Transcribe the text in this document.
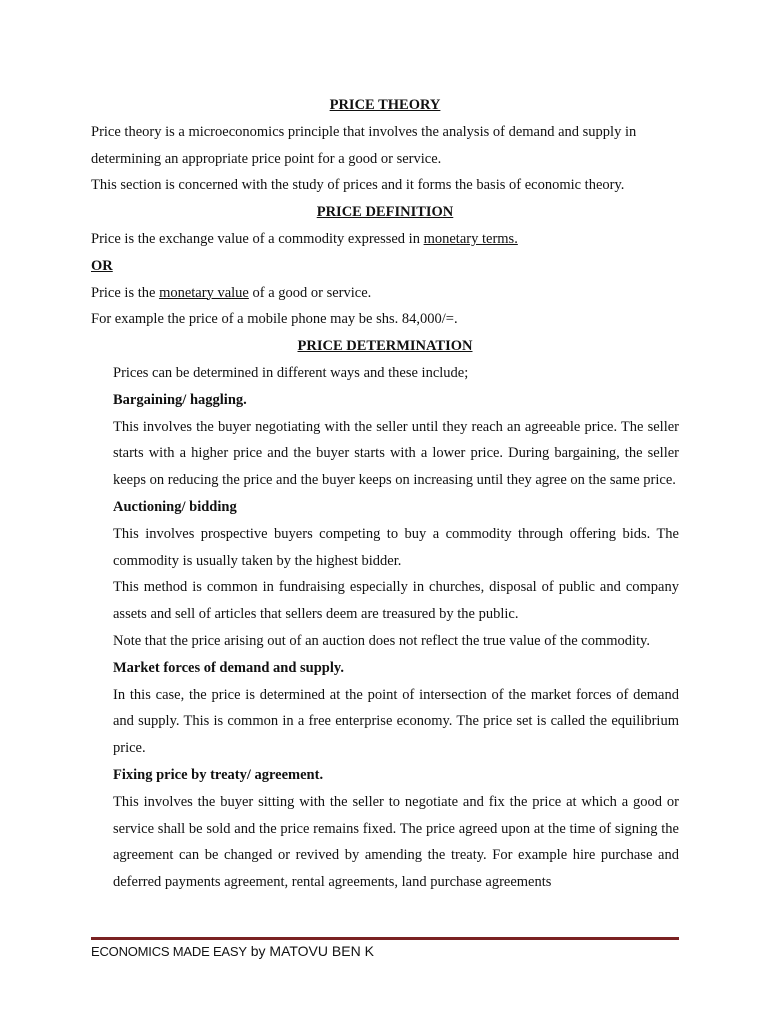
PRICE THEORY
Price theory is a microeconomics principle that involves the analysis of demand and supply in
determining an appropriate price point for a good or service.
This section is concerned with the study of prices and it forms the basis of economic theory.
PRICE DEFINITION
Price is the exchange value of a commodity expressed in monetary terms.
OR
Price is the monetary value of a good or service.
For example the price of a mobile phone may be shs. 84,000/=.
PRICE DETERMINATION
Prices can be determined in different ways and these include;
Bargaining/ haggling.
This involves the buyer negotiating with the seller until they reach an agreeable price. The seller starts with a higher price and the buyer starts with a lower price. During bargaining, the seller keeps on reducing the price and the buyer keeps on increasing until they agree on the same price.
Auctioning/ bidding
This involves prospective buyers competing to buy a commodity through offering bids. The commodity is usually taken by the highest bidder.
This method is common in fundraising especially in churches, disposal of public and company assets and sell of articles that sellers deem are treasured by the public.
Note that the price arising out of an auction does not reflect the true value of the commodity.
Market forces of demand and supply.
In this case, the price is determined at the point of intersection of the market forces of demand and supply. This is common in a free enterprise economy. The price set is called the equilibrium price.
Fixing price by treaty/ agreement.
This involves the buyer sitting with the seller to negotiate and fix the price at which a good or service shall be sold and the price remains fixed. The price agreed upon at the time of signing the agreement can be changed or revived by amending the treaty. For example hire purchase and deferred payments agreement, rental agreements, land purchase agreements
ECONOMICS MADE EASY by MATOVU BEN K
